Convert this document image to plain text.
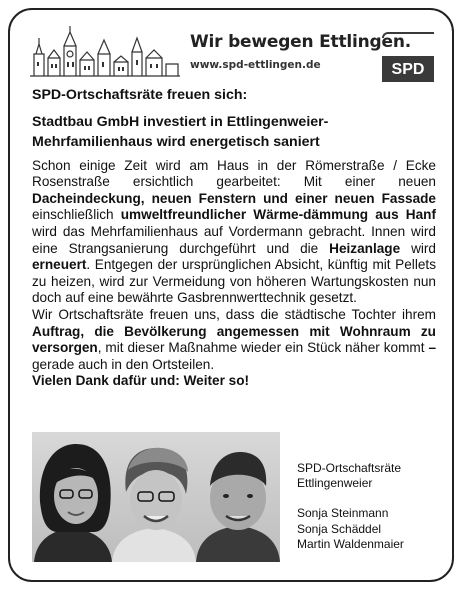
Wir bewegen Ettlingen.
www.spd-ettlingen.de	SPD
SPD-Ortschaftsräte freuen sich:
Stadtbau GmbH investiert in Ettlingenweier-
Mehrfamilienhaus wird energetisch saniert

Schon einige Zeit wird am Haus in der Römerstraße / Ecke Rosenstraße ersichtlich gearbeitet: Mit einer neuen Dacheindeckung, neuen Fenstern und einer neuen Fassade einschließlich umweltfreundlicher Wärme-dämmung aus Hanf wird das Mehrfamilienhaus auf Vordermann gebracht. Innen wird eine Strangsanierung durchgeführt und die Heizanlage wird erneuert. Entgegen der ursprünglichen Absicht, künftig mit Pellets zu heizen, wird zur Vermeidung von höheren Wartungskosten nun doch auf eine bewährte Gasbrennwerttechnik gesetzt.

Wir Ortschaftsräte freuen uns, dass die städtische Tochter ihrem Auftrag, die Bevölkerung angemessen mit Wohnraum zu versorgen, mit dieser Maßnahme wieder ein Stück näher kommt – gerade auch in den Ortsteilen.

Vielen Dank dafür und: Weiter so!
SPD-Ortschaftsräte
Ettlingenweier
Sonja Steinmann
Sonja Schäddel
Martin Waldenmaier
